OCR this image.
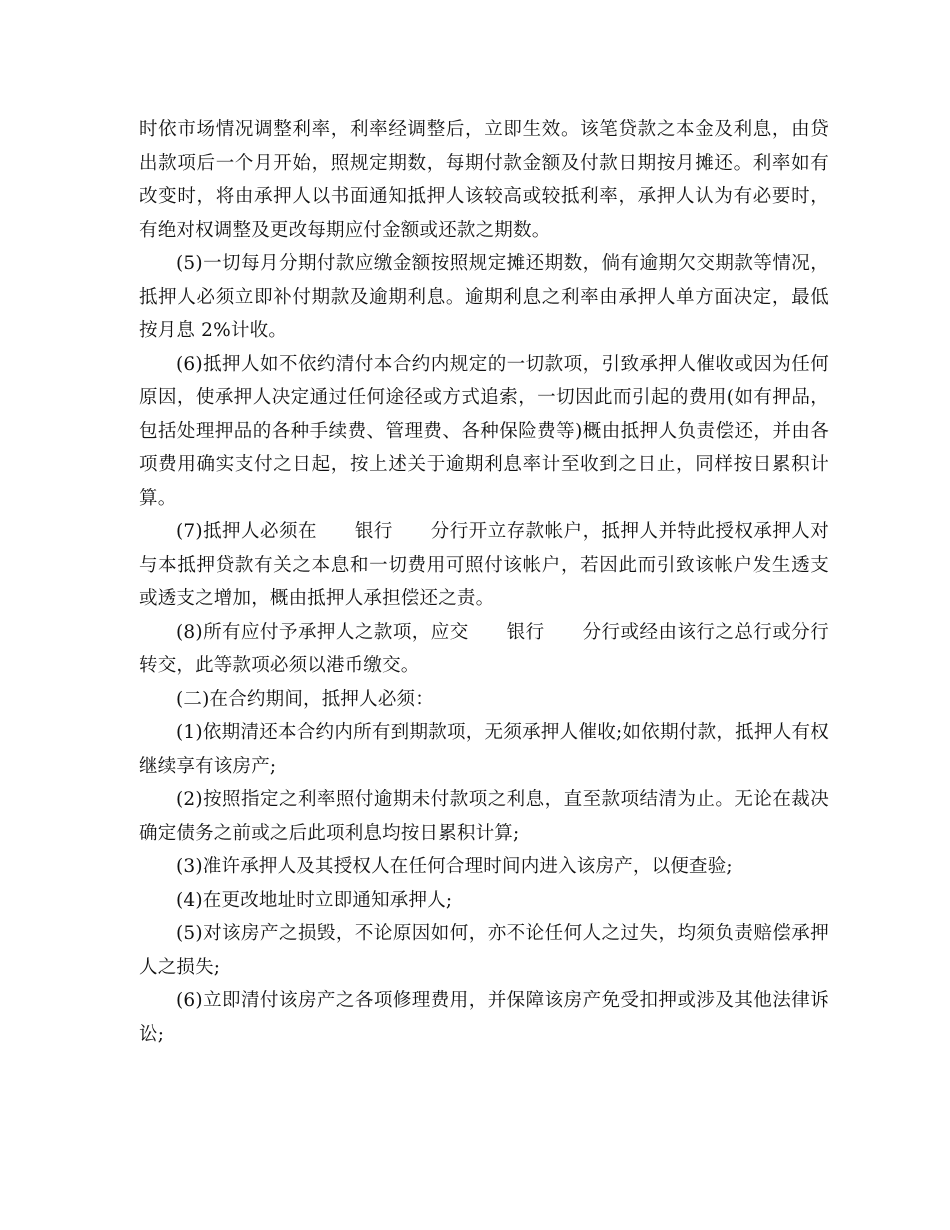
时依市场情况调整利率，利率经调整后，立即生效。该笔贷款之本金及利息，由贷出款项后一个月开始，照规定期数，每期付款金额及付款日期按月摊还。利率如有改变时，将由承押人以书面通知抵押人该较高或较抵利率，承押人认为有必要时，有绝对权调整及更改每期应付金额或还款之期数。

(5)一切每月分期付款应缴金额按照规定摊还期数，倘有逾期欠交期款等情况，抵押人必须立即补付期款及逾期利息。逾期利息之利率由承押人单方面决定，最低按月息 2%计收。

(6)抵押人如不依约清付本合约内规定的一切款项，引致承押人催收或因为任何原因，使承押人决定通过任何途径或方式追索，一切因此而引起的费用(如有押品，包括处理押品的各种手续费、管理费、各种保险费等)概由抵押人负责偿还，并由各项费用确实支付之日起，按上述关于逾期利息率计至收到之日止，同样按日累积计算。

(7)抵押人必须在　　银行　　分行开立存款帐户，抵押人并特此授权承押人对与本抵押贷款有关之本息和一切费用可照付该帐户，若因此而引致该帐户发生透支或透支之增加，概由抵押人承担偿还之责。

(8)所有应付予承押人之款项，应交　　银行　　分行或经由该行之总行或分行转交，此等款项必须以港币缴交。

(二)在合约期间，抵押人必须：

(1)依期清还本合约内所有到期款项，无须承押人催收;如依期付款，抵押人有权继续享有该房产;

(2)按照指定之利率照付逾期未付款项之利息，直至款项结清为止。无论在裁决确定债务之前或之后此项利息均按日累积计算;

(3)准许承押人及其授权人在任何合理时间内进入该房产，以便查验;

(4)在更改地址时立即通知承押人;

(5)对该房产之损毁，不论原因如何，亦不论任何人之过失，均须负责赔偿承押人之损失;

(6)立即清付该房产之各项修理费用，并保障该房产免受扣押或涉及其他法律诉讼;
